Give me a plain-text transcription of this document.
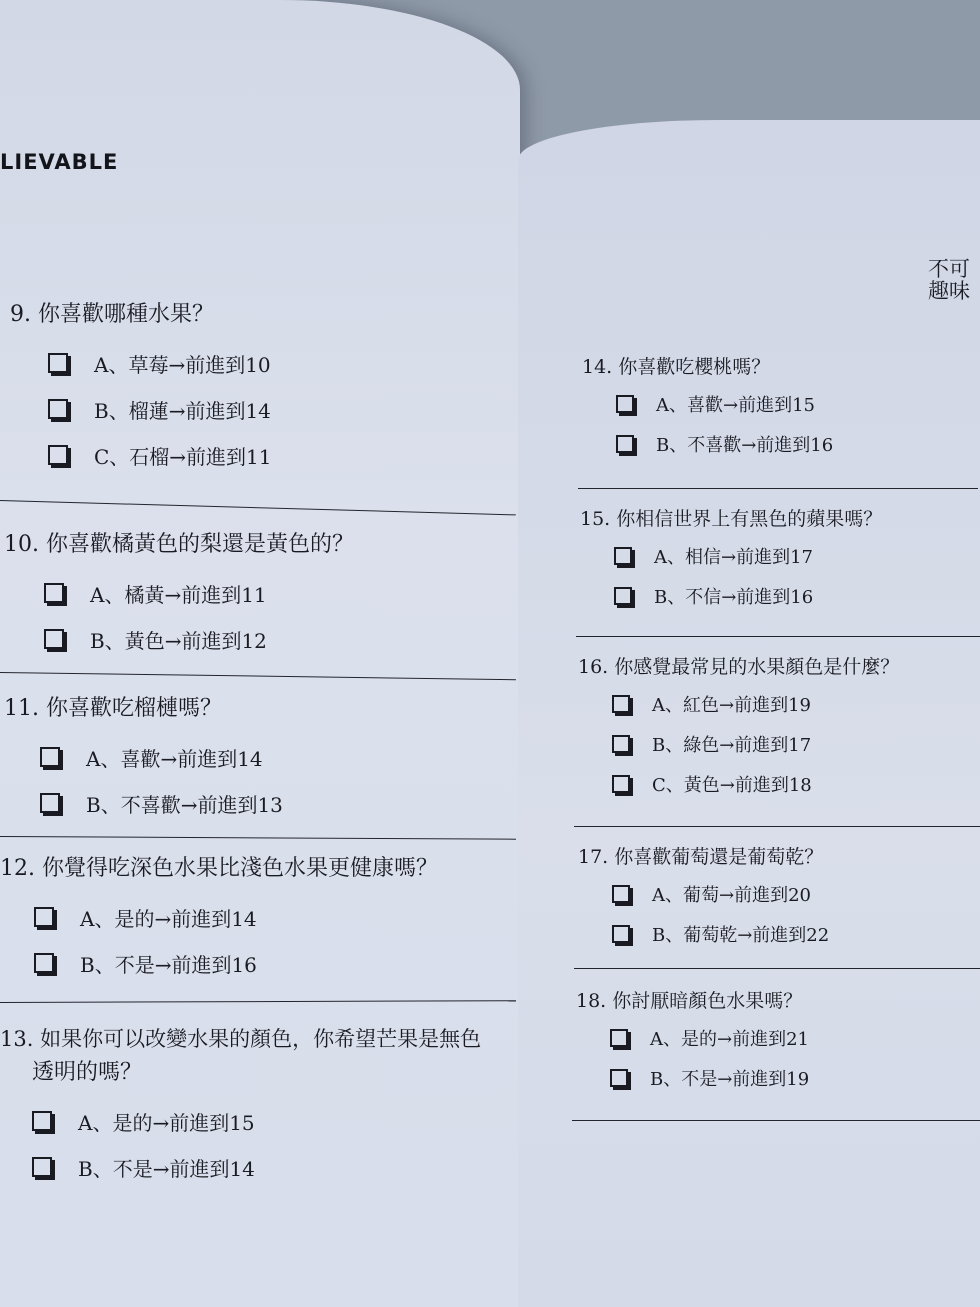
LIEVABLE

9. 你喜歡哪種水果？
A、草莓→前進到10
B、榴蓮→前進到14
C、石榴→前進到11
10. 你喜歡橘黃色的梨還是黃色的？
A、橘黃→前進到11
B、黃色→前進到12
11. 你喜歡吃榴槤嗎？
A、喜歡→前進到14
B、不喜歡→前進到13
12. 你覺得吃深色水果比淺色水果更健康嗎？
A、是的→前進到14
B、不是→前進到16
13. 如果你可以改變水果的顏色，你希望芒果是無色
透明的嗎？
A、是的→前進到15
B、不是→前進到14
不可
趣味
14. 你喜歡吃櫻桃嗎？
A、喜歡→前進到15
B、不喜歡→前進到16
15. 你相信世界上有黑色的蘋果嗎？
A、相信→前進到17
B、不信→前進到16
16. 你感覺最常見的水果顏色是什麼？
A、紅色→前進到19
B、綠色→前進到17
C、黃色→前進到18
17. 你喜歡葡萄還是葡萄乾？
A、葡萄→前進到20
B、葡萄乾→前進到22
18. 你討厭暗顏色水果嗎？
A、是的→前進到21
B、不是→前進到19
